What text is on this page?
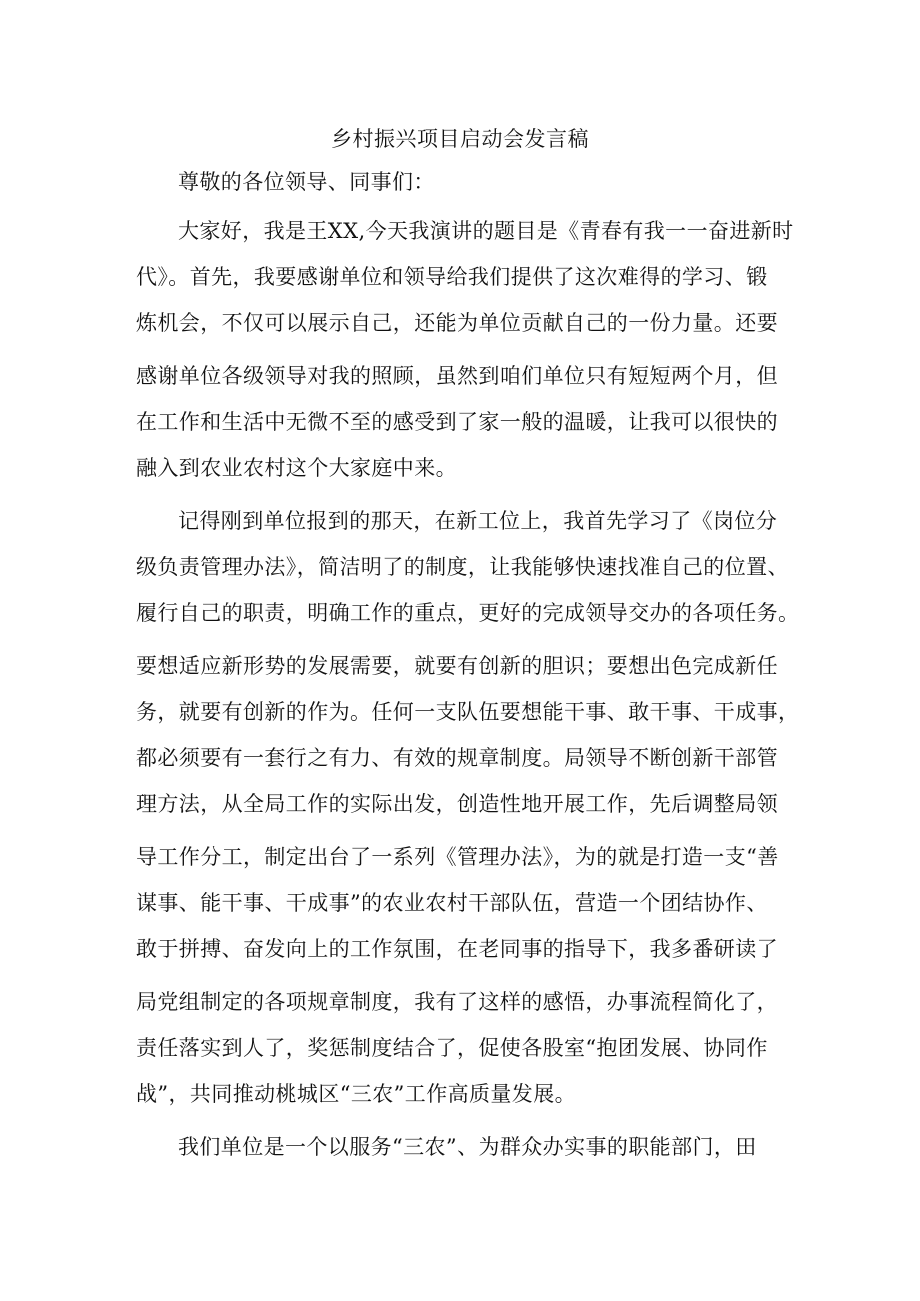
乡村振兴项目启动会发言稿
尊敬的各位领导、同事们：
大家好，我是王XX,今天我演讲的题目是《青春有我一一奋进新时
代》。首先，我要感谢单位和领导给我们提供了这次难得的学习、锻
炼机会，不仅可以展示自己，还能为单位贡献自己的一份力量。还要
感谢单位各级领导对我的照顾，虽然到咱们单位只有短短两个月，但
在工作和生活中无微不至的感受到了家一般的温暖，让我可以很快的
融入到农业农村这个大家庭中来。
记得刚到单位报到的那天，在新工位上，我首先学习了《岗位分
级负责管理办法》，简洁明了的制度，让我能够快速找准自己的位置、
履行自己的职责，明确工作的重点，更好的完成领导交办的各项任务。
要想适应新形势的发展需要，就要有创新的胆识；要想出色完成新任
务，就要有创新的作为。任何一支队伍要想能干事、敢干事、干成事，
都必须要有一套行之有力、有效的规章制度。局领导不断创新干部管
理方法，从全局工作的实际出发，创造性地开展工作，先后调整局领
导工作分工，制定出台了一系列《管理办法》，为的就是打造一支“善
谋事、能干事、干成事”的农业农村干部队伍，营造一个团结协作、
敢于拼搏、奋发向上的工作氛围，在老同事的指导下，我多番研读了
局党组制定的各项规章制度，我有了这样的感悟，办事流程简化了，
责任落实到人了，奖惩制度结合了，促使各股室“抱团发展、协同作
战”，共同推动桃城区“三农”工作高质量发展。
我们单位是一个以服务“三农”、为群众办实事的职能部门，田
